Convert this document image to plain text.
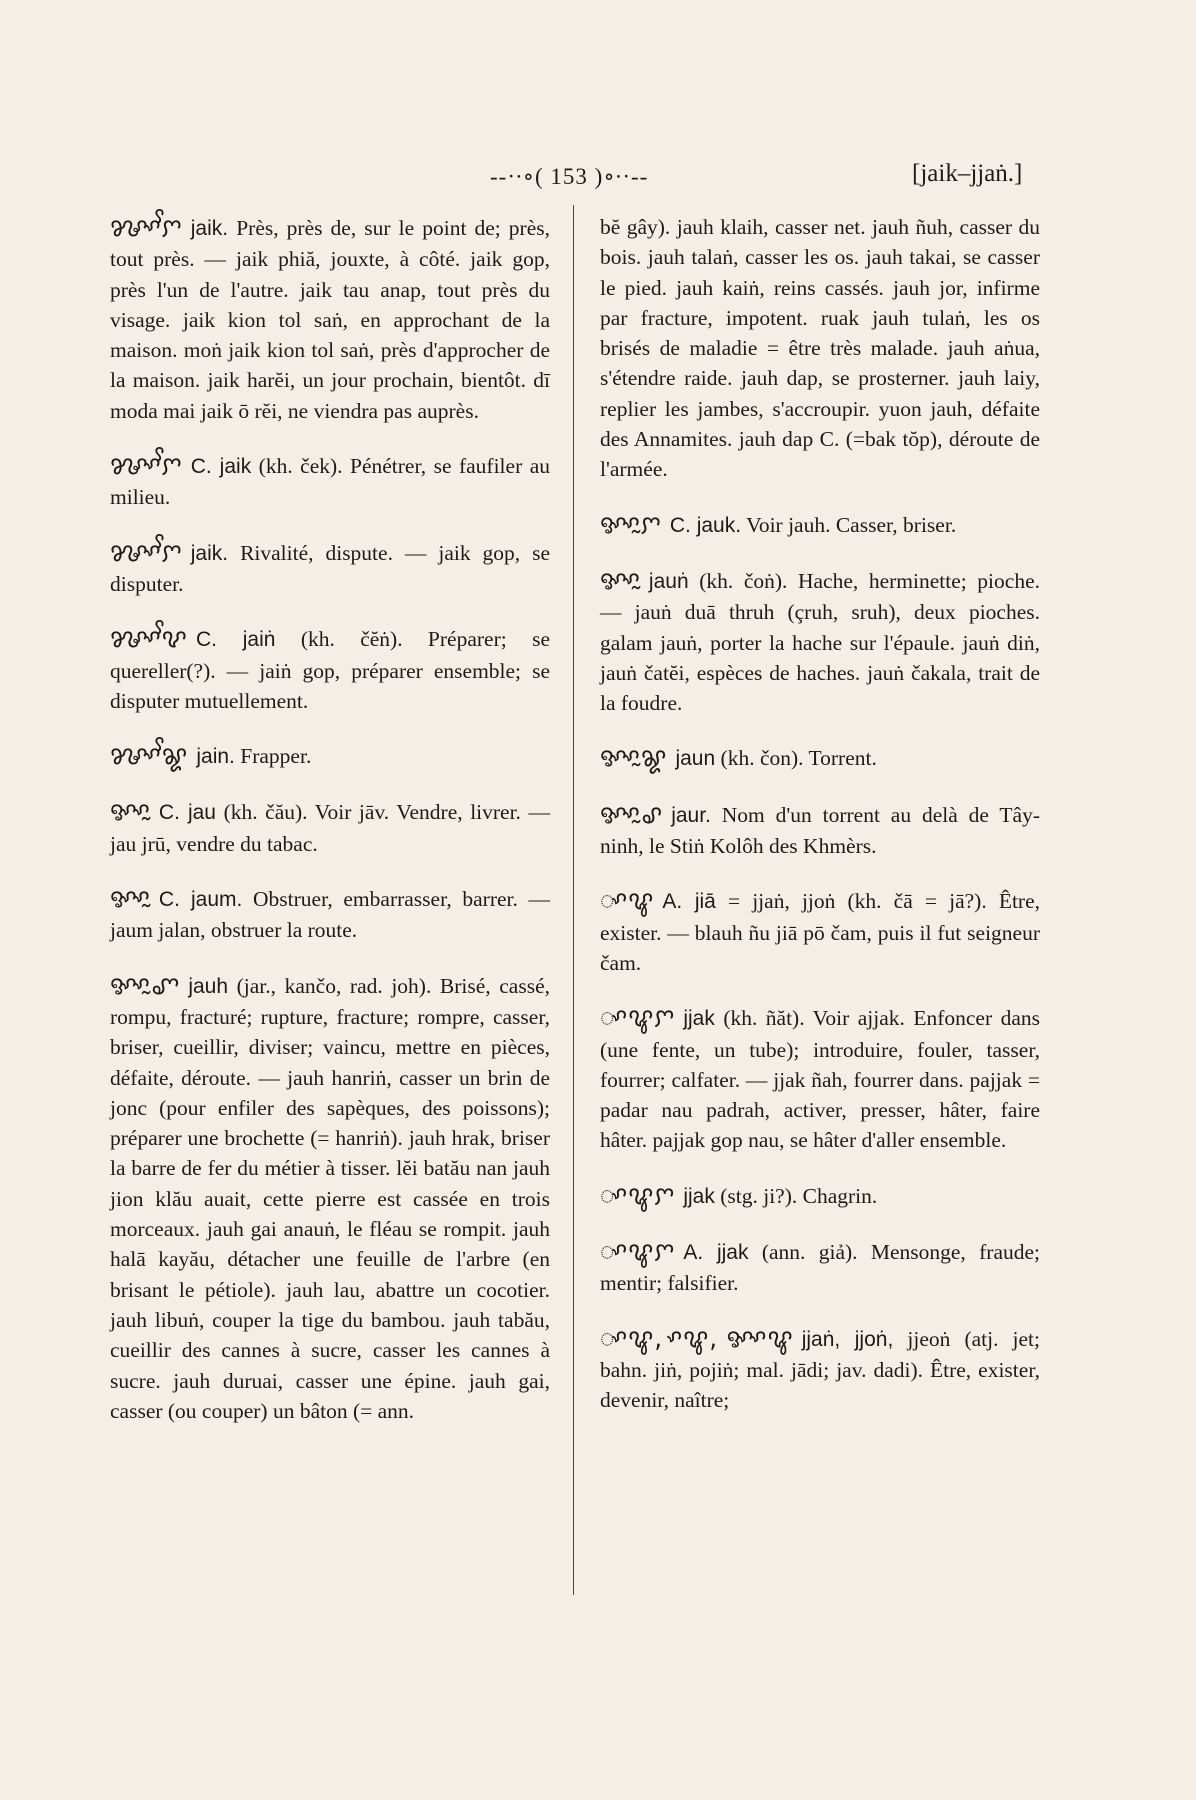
--·∙∘( 153 )∘∙·--	[jaik–jjaṅ.]

ꨍꨳꨩꨆ jaik. Près, près de, sur le point de; près, tout près. — jaik phiă, jouxte, à côté. jaik gop, près l'un de l'autre. jaik tau anap, tout près du visage. jaik kion tol saṅ, en approchant de la maison. moṅ jaik kion tol saṅ, près d'approcher de la maison. jaik harĕi, un jour prochain, bientôt. dī moda mai jaik ō rĕi, ne viendra pas auprès.

ꨍꨳꨩꨆ C. jaik (kh. ček). Pénétrer, se faufiler au milieu.

ꨍꨳꨩꨆ jaik. Rivalité, dispute. — jaik gop, se disputer.

ꨍꨳꨩꨖ C. jaiṅ (kh. čĕṅ). Préparer; se quereller(?). — jaiṅ gop, préparer ensemble; se disputer mutuellement.

ꨍꨳꨩꨘ jain. Frapper.

ꨀꨳꨭ C. jau (kh. čău). Voir jāv. Vendre, livrer. — jau jrū, vendre du tabac.

ꨀꨳꨭ C. jaum. Obstruer, embarrasser, barrer. — jaum jalan, obstruer la route.

ꨀꨳꨭꨚ jauh (jar., kančo, rad. joh). Brisé, cassé, rompu, fracturé; rupture, fracture; rompre, casser, briser, cueillir, diviser; vaincu, mettre en pièces, défaite, déroute. — jauh hanriṅ, casser un brin de jonc (pour enfiler des sapèques, des poissons); préparer une brochette (= hanriṅ). jauh hrak, briser la barre de fer du métier à tisser. lĕi batău nan jauh jion klău auait, cette pierre est cassée en trois morceaux. jauh gai anauṅ, le fléau se rompit. jauh halā kayău, détacher une feuille de l'arbre (en brisant le pétiole). jauh lau, abattre un cocotier. jauh libuṅ, couper la tige du bambou. jauh tabău, cueillir des cannes à sucre, casser les cannes à sucre. jauh duruai, casser une épine. jauh gai, casser (ou couper) un bâton (= ann.

bĕ gây). jauh klaih, casser net. jauh ñuh, casser du bois. jauh talaṅ, casser les os. jauh takai, se casser le pied. jauh kaiṅ, reins cassés. jauh jor, infirme par fracture, impotent. ruak jauh tulaṅ, les os brisés de maladie = être très malade. jauh aṅua, s'étendre raide. jauh dap, se prosterner. jauh laiy, replier les jambes, s'accroupir. yuon jauh, défaite des Annamites. jauh dap C. (=bak tŏp), déroute de l'armée.

ꨀꨳꨭꨆ C. jauk. Voir jauh. Casser, briser.

ꨀꨳꨭ jauṅ (kh. čoṅ). Hache, herminette; pioche. — jauṅ duā thruh (çruh, sruh), deux pioches. galam jauṅ, porter la hache sur l'épaule. jauṅ diṅ, jauṅ čatĕi, espèces de haches. jauṅ čakala, trait de la foudre.

ꨀꨳꨭꨘ jaun (kh. čon). Torrent.

ꨀꨳꨭꨣ jaur. Nom d'un torrent au delà de Tây-ninh, le Stiṅ Kolôh des Khmèrs.

ꨳꨥ A. jiā = jjaṅ, jjoṅ (kh. čā = jā?). Être, exister. — blauh ñu jiā pō čam, puis il fut seigneur čam.

ꨳꨥꨆ jjak (kh. ñăt). Voir ajjak. Enfoncer dans (une fente, un tube); introduire, fouler, tasser, fourrer; calfater. — jjak ñah, fourrer dans. pajjak = padar nau padrah, activer, presser, hâter, faire hâter. pajjak gop nau, se hâter d'aller ensemble.

ꨳꨥꨆ jjak (stg. ji?). Chagrin.

ꨳꨥꨆ A. jjak (ann. giả). Mensonge, fraude; mentir; falsifier.

ꨳꨥ, ꨳꨥ, ꨀꨳꨥ jjaṅ, jjoṅ, jjeoṅ (atj. jet; bahn. jiṅ, pojiṅ; mal. jādi; jav. dadi). Être, exister, devenir, naître;
